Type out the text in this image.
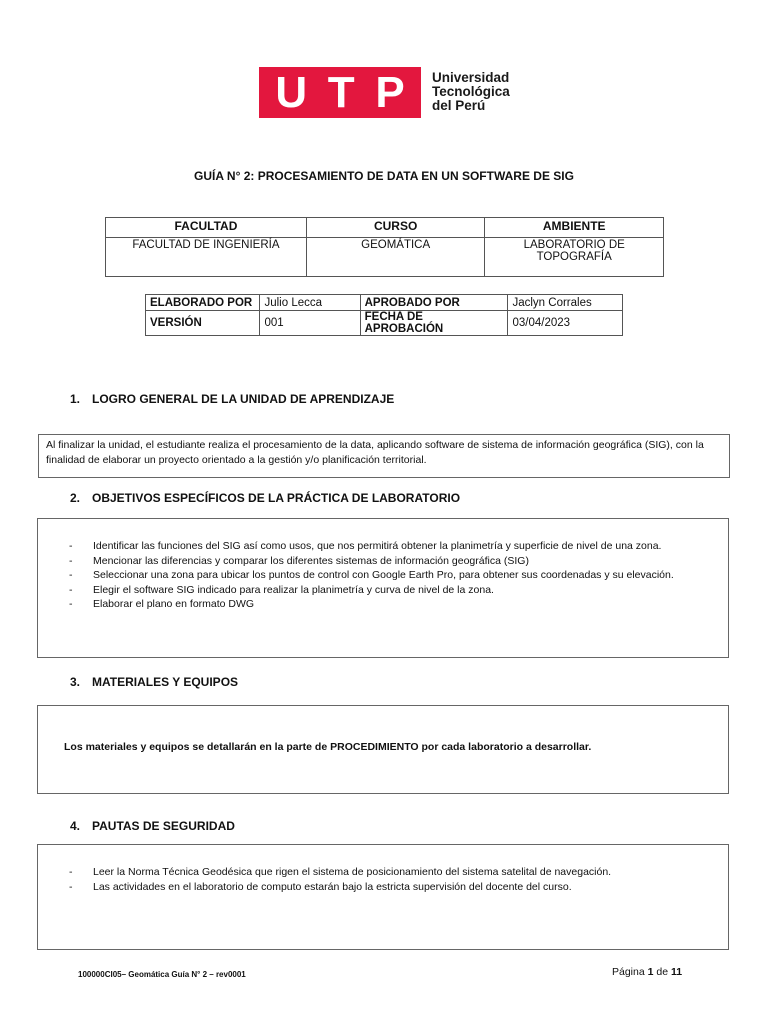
U T P Universidad
Tecnológica
del Perú
GUÍA N° 2: PROCESAMIENTO DE DATA EN UN SOFTWARE DE SIG
FACULTAD	CURSO	AMBIENTE
FACULTAD DE INGENIERÍA	GEOMÁTICA	LABORATORIO DE TOPOGRAFÍA
ELABORADO POR	Julio Lecca	APROBADO POR	Jaclyn Corrales
VERSIÓN	001	FECHA DE APROBACIÓN	03/04/2023
1. LOGRO GENERAL DE LA UNIDAD DE APRENDIZAJE
Al finalizar la unidad, el estudiante realiza el procesamiento de la data, aplicando software de sistema de información geográfica (SIG), con la finalidad de elaborar un proyecto orientado a la gestión y/o planificación territorial.
2. OBJETIVOS ESPECÍFICOS DE LA PRÁCTICA DE LABORATORIO
- Identificar las funciones del SIG así como usos, que nos permitirá obtener la planimetría y superficie de nivel de una zona.
- Mencionar las diferencias y comparar los diferentes sistemas de información geográfica (SIG)
- Seleccionar una zona para ubicar los puntos de control con Google Earth Pro, para obtener sus coordenadas y su elevación.
- Elegir el software SIG indicado para realizar la planimetría y curva de nivel de la zona.
- Elaborar el plano en formato DWG
3. MATERIALES Y EQUIPOS
Los materiales y equipos se detallarán en la parte de PROCEDIMIENTO por cada laboratorio a desarrollar.
4. PAUTAS DE SEGURIDAD
- Leer la Norma Técnica Geodésica que rigen el sistema de posicionamiento del sistema satelital de navegación.
- Las actividades en el laboratorio de computo estarán bajo la estricta supervisión del docente del curso.
100000CI05– Geomática Guía N° 2 – rev0001	Página 1 de 11
